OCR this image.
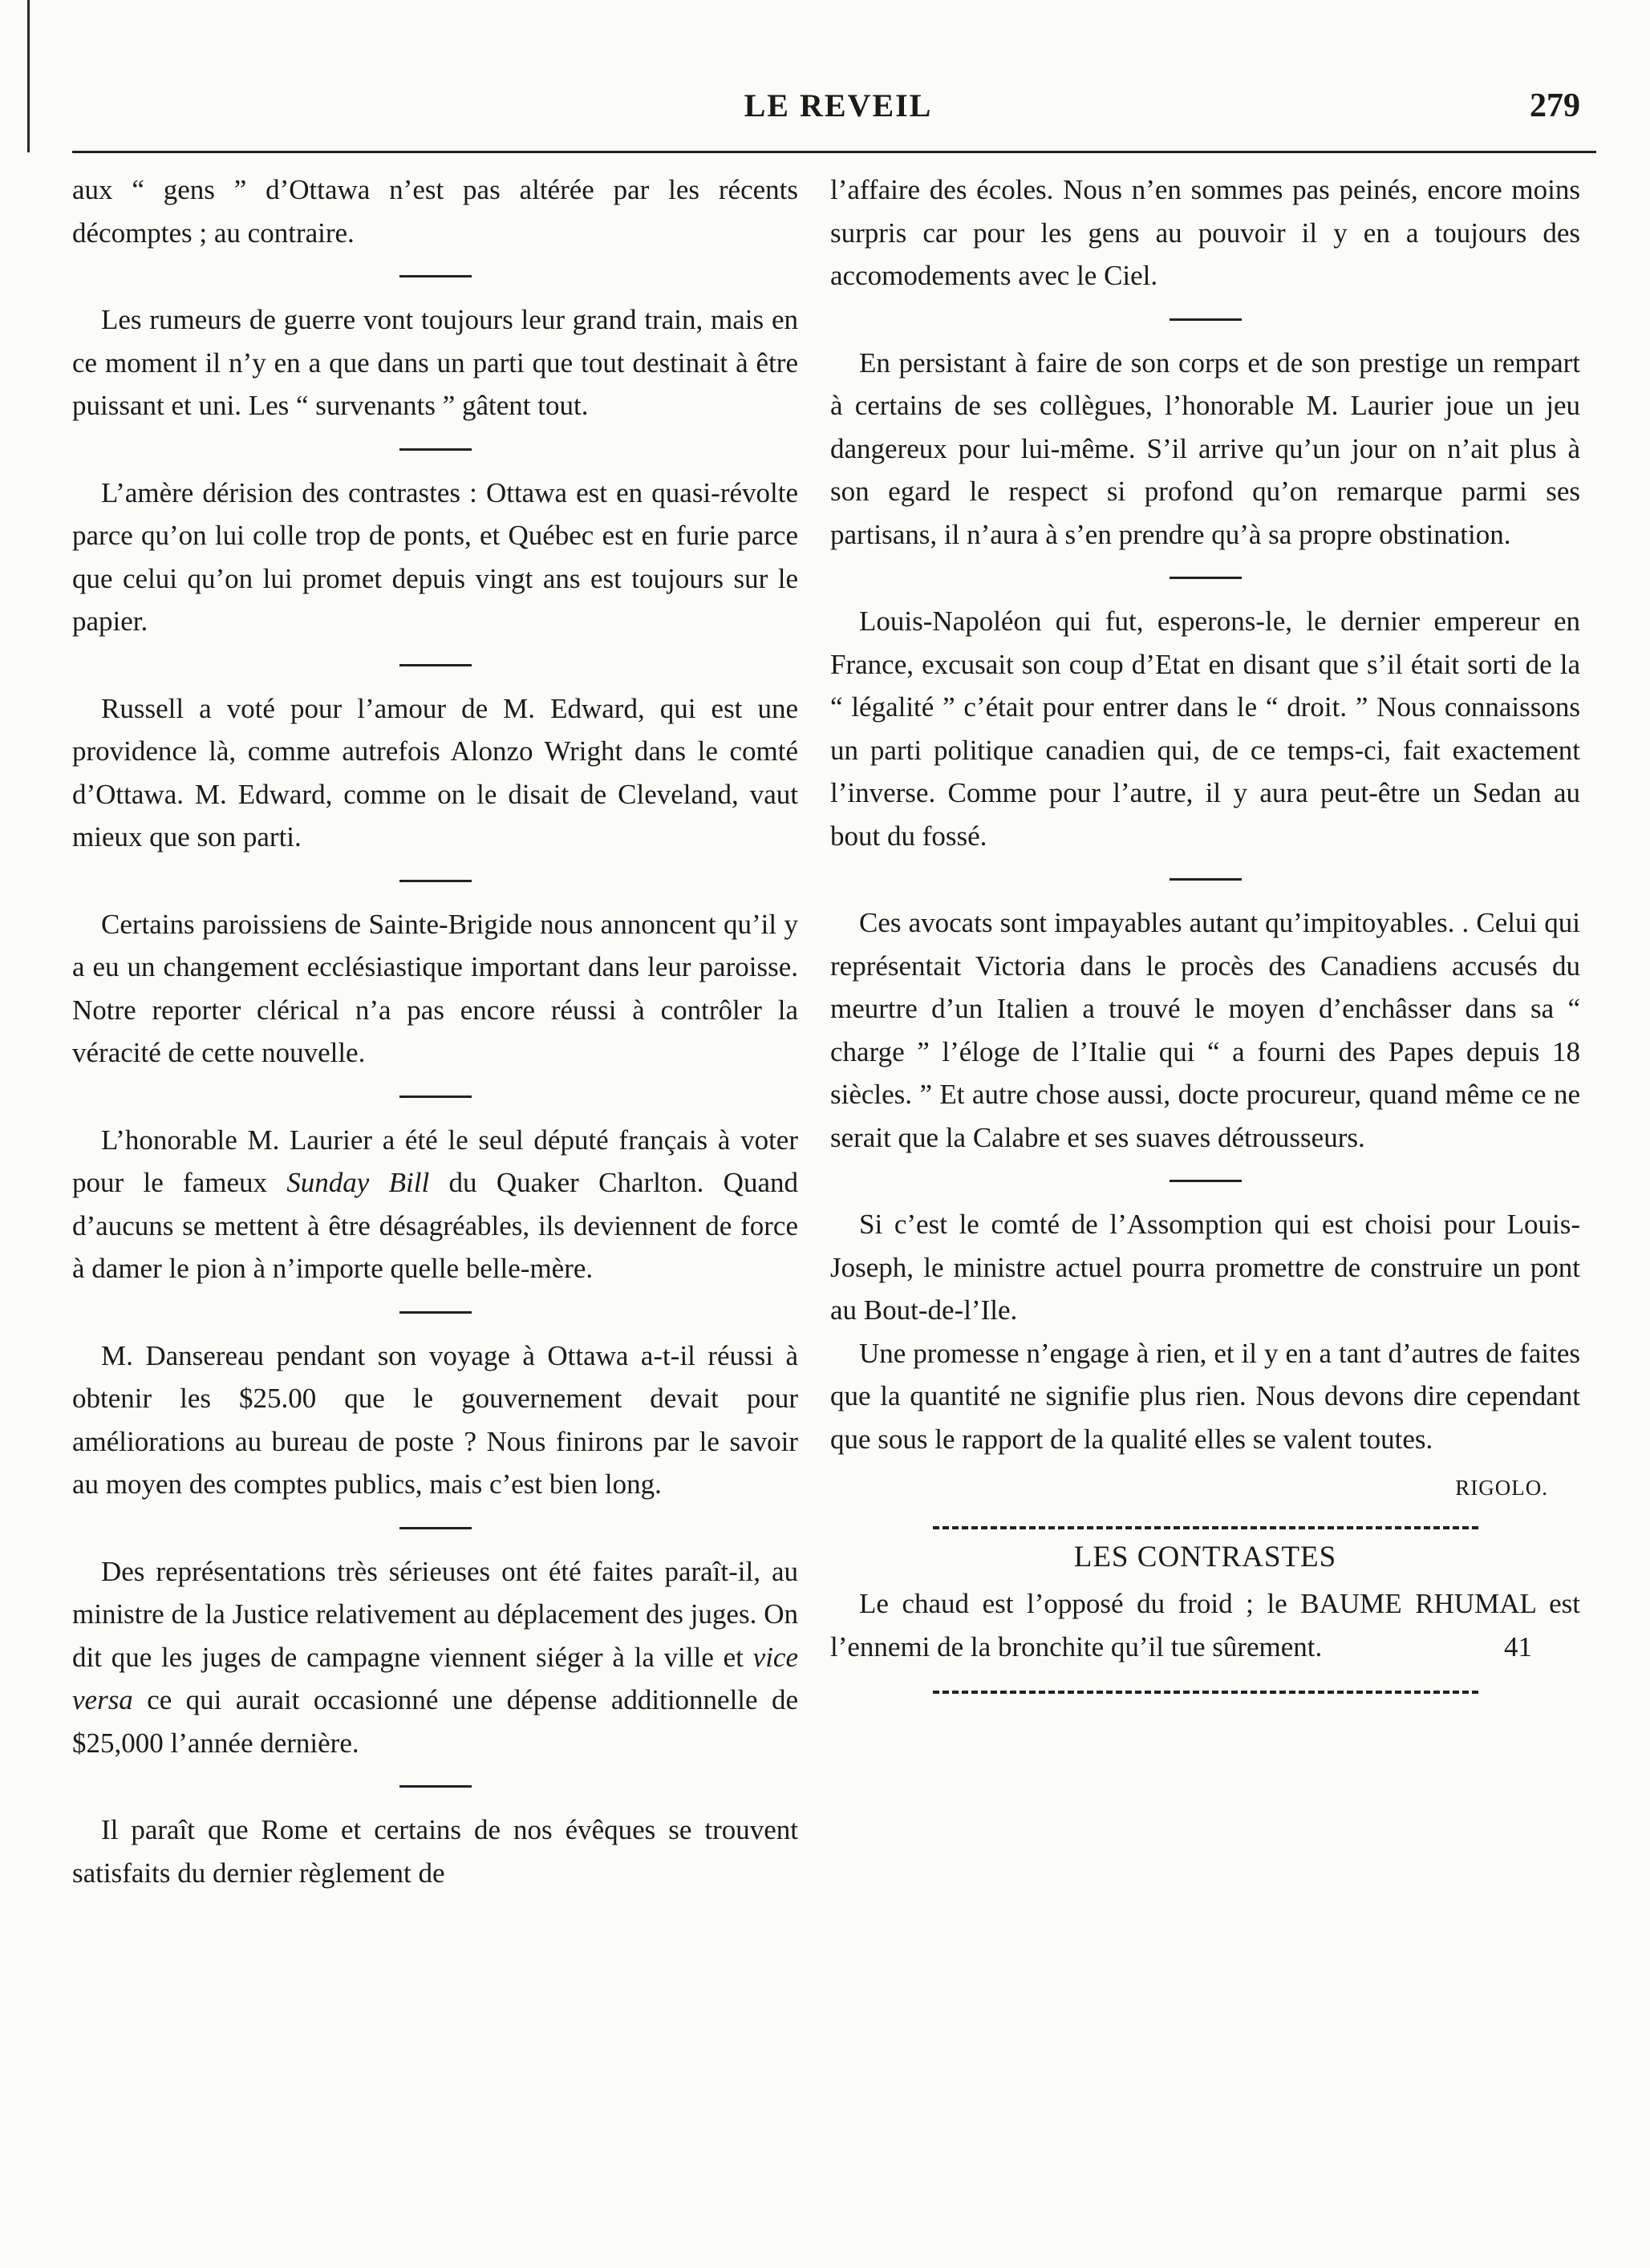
LE REVEIL	279

aux “ gens ” d’Ottawa n’est pas altérée par les récents décomptes ; au contraire.

Les rumeurs de guerre vont toujours leur grand train, mais en ce moment il n’y en a que dans un parti que tout destinait à être puissant et uni. Les “ survenants ” gâtent tout.

L’amère dérision des contrastes : Ottawa est en quasi-révolte parce qu’on lui colle trop de ponts, et Québec est en furie parce que celui qu’on lui promet depuis vingt ans est toujours sur le papier.

Russell a voté pour l’amour de M. Edward, qui est une providence là, comme autrefois Alonzo Wright dans le comté d’Ottawa. M. Edward, comme on le disait de Cleveland, vaut mieux que son parti.

Certains paroissiens de Sainte-Brigide nous annoncent qu’il y a eu un changement ecclésiastique important dans leur paroisse. Notre reporter clérical n’a pas encore réussi à contrôler la véracité de cette nouvelle.

L’honorable M. Laurier a été le seul député français à voter pour le fameux Sunday Bill du Quaker Charlton. Quand d’aucuns se mettent à être désagréables, ils deviennent de force à damer le pion à n’importe quelle belle-mère.

M. Dansereau pendant son voyage à Ottawa a-t-il réussi à obtenir les $25.00 que le gouvernement devait pour améliorations au bureau de poste ? Nous finirons par le savoir au moyen des comptes publics, mais c’est bien long.

Des représentations très sérieuses ont été faites paraît-il, au ministre de la Justice relativement au déplacement des juges. On dit que les juges de campagne viennent siéger à la ville et vice versa ce qui aurait occasionné une dépense additionnelle de $25,000 l’année dernière.

Il paraît que Rome et certains de nos évêques se trouvent satisfaits du dernier règlement de

l’affaire des écoles. Nous n’en sommes pas peinés, encore moins surpris car pour les gens au pouvoir il y en a toujours des accomodements avec le Ciel.

En persistant à faire de son corps et de son prestige un rempart à certains de ses collègues, l’honorable M. Laurier joue un jeu dangereux pour lui-même. S’il arrive qu’un jour on n’ait plus à son egard le respect si profond qu’on remarque parmi ses partisans, il n’aura à s’en prendre qu’à sa propre obstination.

Louis-Napoléon qui fut, esperons-le, le dernier empereur en France, excusait son coup d’Etat en disant que s’il était sorti de la “ légalité ” c’était pour entrer dans le “ droit. ” Nous connaissons un parti politique canadien qui, de ce temps-ci, fait exactement l’inverse. Comme pour l’autre, il y aura peut-être un Sedan au bout du fossé.

Ces avocats sont impayables autant qu’impitoyables. . Celui qui représentait Victoria dans le procès des Canadiens accusés du meurtre d’un Italien a trouvé le moyen d’enchâsser dans sa “ charge ” l’éloge de l’Italie qui “ a fourni des Papes depuis 18 siècles. ” Et autre chose aussi, docte procureur, quand même ce ne serait que la Calabre et ses suaves détrousseurs.

Si c’est le comté de l’Assomption qui est choisi pour Louis-Joseph, le ministre actuel pourra promettre de construire un pont au Bout-de-l’Ile.

Une promesse n’engage à rien, et il y en a tant d’autres de faites que la quantité ne signifie plus rien. Nous devons dire cependant que sous le rapport de la qualité elles se valent toutes.

RIGOLO.
LES CONTRASTES

Le chaud est l’opposé du froid ; le BAUME RHUMAL est l’ennemi de la bronchite qu’il tue sûrement.	41
